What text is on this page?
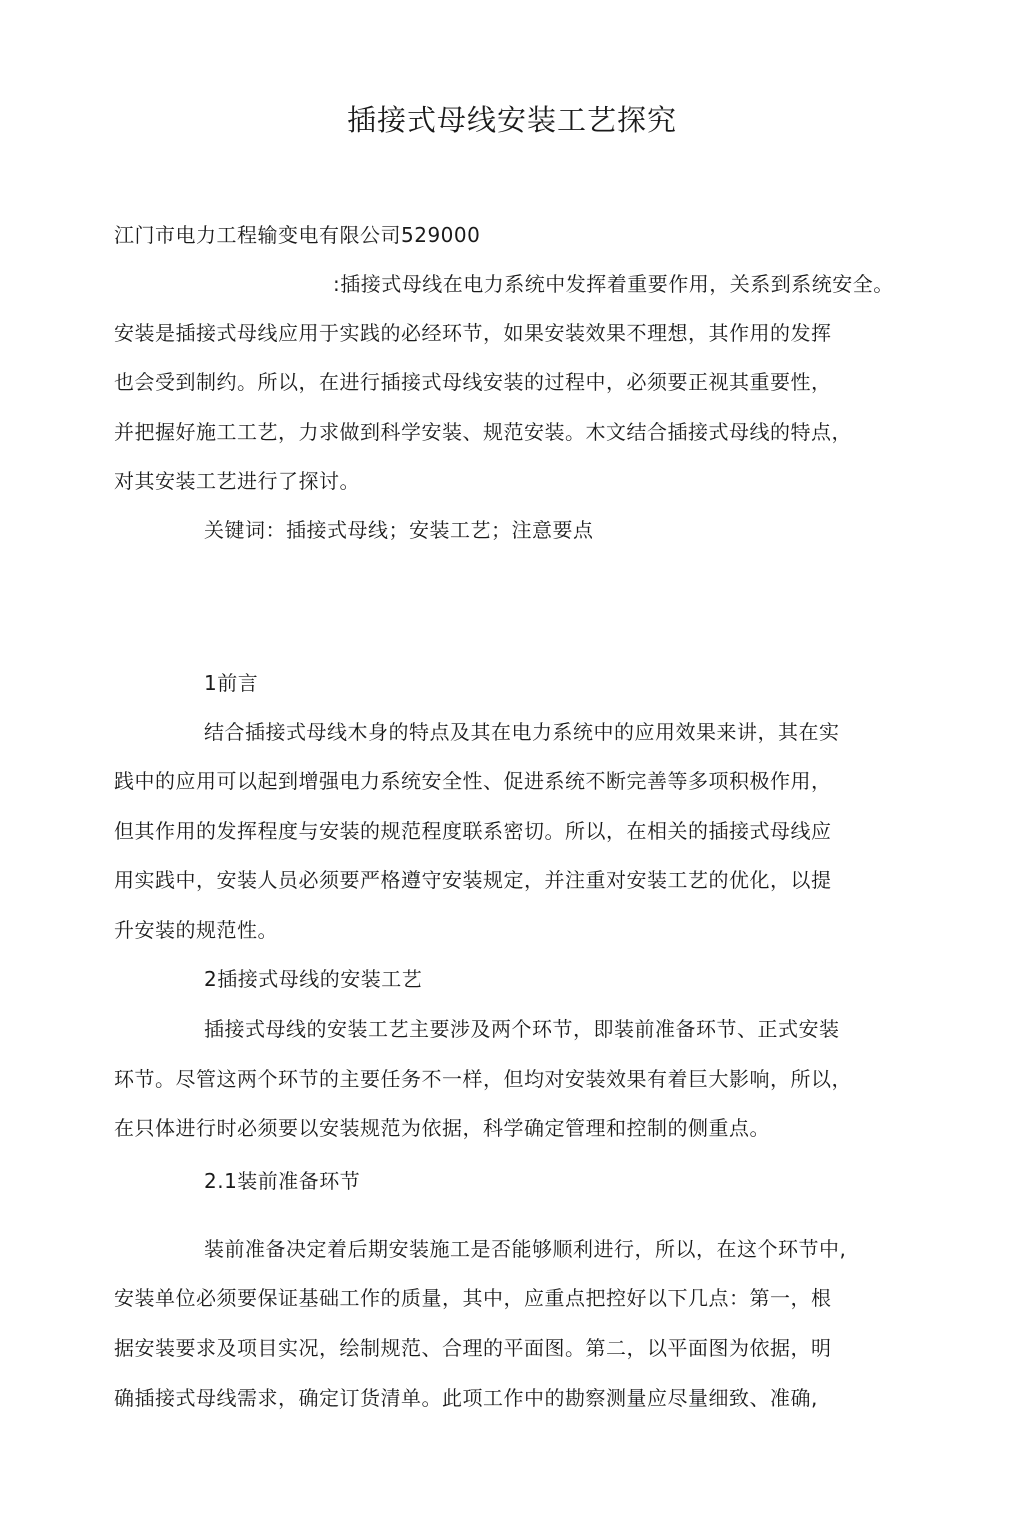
插接式母线安装工艺探究
江门市电力工程输变电有限公司529000
:插接式母线在电力系统中发挥着重要作用，关系到系统安全。
安装是插接式母线应用于实践的必经环节，如果安装效果不理想，其作用的发挥
也会受到制约。所以，在进行插接式母线安装的过程中，必须要正视其重要性，
并把握好施工工艺，力求做到科学安装、规范安装。木文结合插接式母线的特点，
对其安装工艺进行了探讨。
关键词：插接式母线；安装工艺；注意要点
1前言
结合插接式母线木身的特点及其在电力系统中的应用效果来讲，其在实
践中的应用可以起到增强电力系统安全性、促进系统不断完善等多项积极作用，
但其作用的发挥程度与安装的规范程度联系密切。所以，在相关的插接式母线应
用实践中，安装人员必须要严格遵守安装规定，并注重对安装工艺的优化，以提
升安装的规范性。
2插接式母线的安装工艺
插接式母线的安装工艺主要涉及两个环节，即装前准备环节、正式安装
环节。尽管这两个环节的主要任务不一样，但均对安装效果有着巨大影响，所以，
在只体进行时必须要以安装规范为依据，科学确定管理和控制的侧重点。
2.1装前准备环节
装前准备决定着后期安装施工是否能够顺利进行，所以，在这个环节中,
安装单位必须要保证基础工作的质量，其中，应重点把控好以下几点：第一，根
据安装要求及项目实况，绘制规范、合理的平面图。第二，以平面图为依据，明
确插接式母线需求，确定订货清单。此项工作中的勘察测量应尽量细致、准确,
